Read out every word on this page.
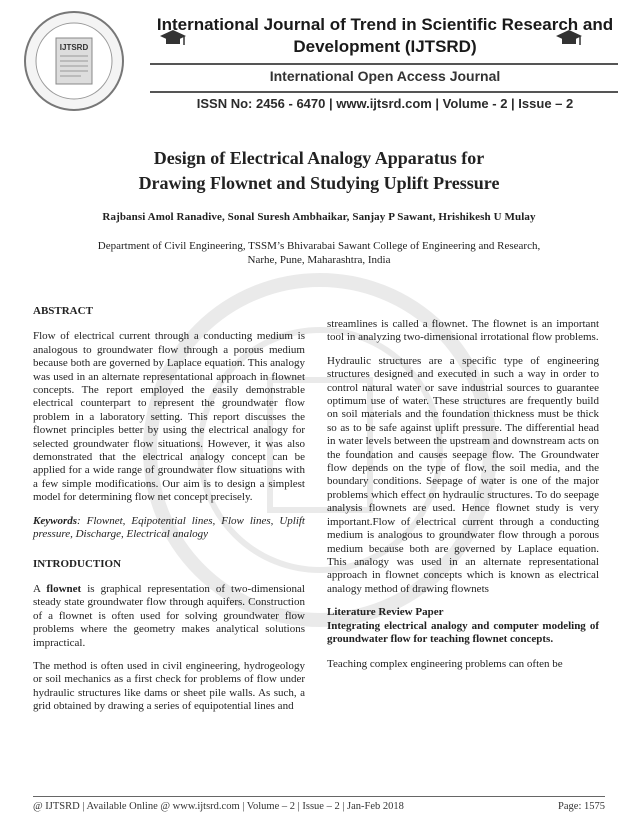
IJTSRD
International Journal of Trend in Scientific Research and Development (IJTSRD)
International Open Access Journal
ISSN No: 2456 - 6470 | www.ijtsrd.com | Volume - 2 | Issue – 2
Design of Electrical Analogy Apparatus for
Drawing Flownet and Studying Uplift Pressure
Rajbansi Amol Ranadive, Sonal Suresh Ambhaikar, Sanjay P Sawant, Hrishikesh U Mulay
Department of Civil Engineering, TSSM’s Bhivarabai Sawant College of Engineering and Research,
Narhe, Pune, Maharashtra, India

ABSTRACT

Flow of electrical current through a conducting medium is analogous to groundwater flow through a porous medium because both are governed by Laplace equation. This analogy was used in an alternate representational approach in flownet concepts. The report employed the easily demonstrable electrical counterpart to represent the groundwater flow problem in a laboratory setting. This report discusses the flownet principles better by using the electrical analogy for selected groundwater flow situations. However, it was also demonstrated that the electrical analogy concept can be applied for a wide range of groundwater flow situations with a few simple modifications. Our aim is to design a simplest model for determining flow net concept precisely.

Keywords: Flownet, Eqipotential lines, Flow lines, Uplift pressure, Discharge, Electrical analogy

INTRODUCTION

A flownet is graphical representation of two-dimensional steady state groundwater flow through aquifers. Construction of a flownet is often used for solving groundwater flow problems where the geometry makes analytical solutions impractical.

The method is often used in civil engineering, hydrogeology or soil mechanics as a first check for problems of flow under hydraulic structures like dams or sheet pile walls. As such, a grid obtained by drawing a series of equipotential lines and

streamlines is called a flownet. The flownet is an important tool in analyzing two-dimensional irrotational flow problems.

Hydraulic structures are a specific type of engineering structures designed and executed in such a way in order to control natural water or save industrial sources to guarantee optimum use of water. These structures are frequently build on soil materials and the foundation thickness must be thick so as to be safe against uplift pressure. The differential head in water levels between the upstream and downstream acts on the foundation and causes seepage flow. The Groundwater flow depends on the type of flow, the soil media, and the boundary conditions. Seepage of water is one of the major problems which effect on hydraulic structures. To do seepage analysis flownets are used. Hence flownet study is very important.Flow of electrical current through a conducting medium is analogous to groundwater flow through a porous medium because both are governed by Laplace equation. This analogy was used in an alternate representational approach in flownet concepts which is known as electrical analogy method of drawing flownets

Literature Review Paper

Integrating electrical analogy and computer modeling of groundwater flow for teaching flownet concepts.

Teaching complex engineering problems can often be

@ IJTSRD | Available Online @ www.ijtsrd.com | Volume – 2 | Issue – 2 | Jan-Feb 2018	Page: 1575
